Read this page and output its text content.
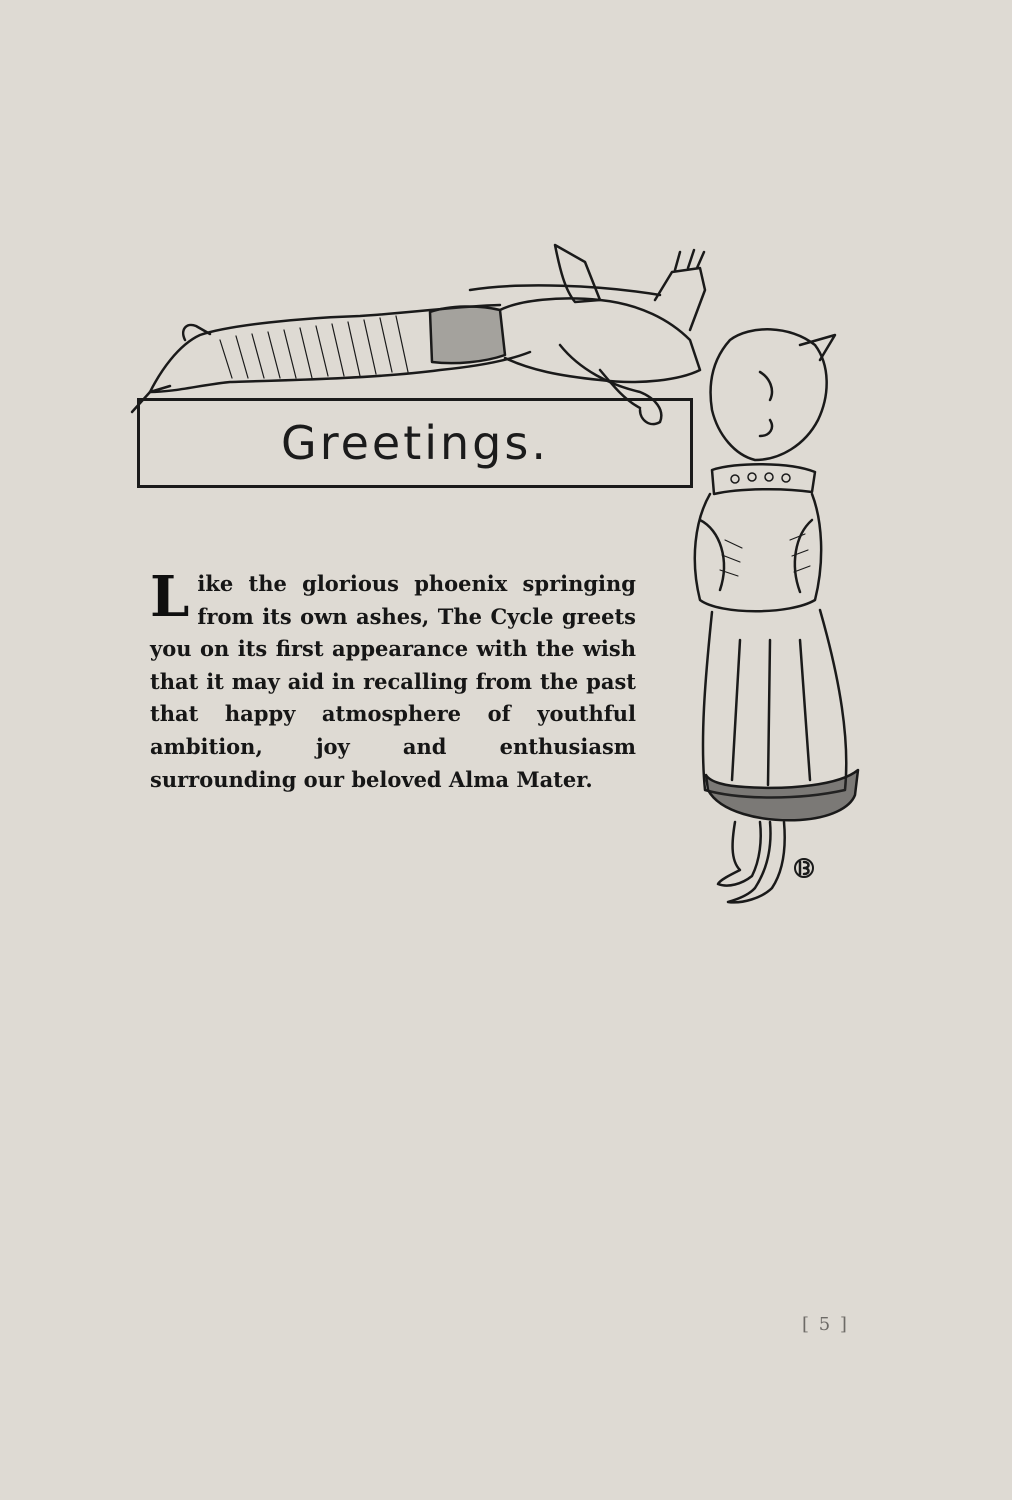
Greetings.
L ike the glorious phoenix springing from its own ashes, The Cycle greets you on its first appearance with the wish that it may aid in recalling from the past that happy atmosphere of youthful ambition, joy and enthusiasm surrounding our beloved Alma Mater.
[ 5 ]
